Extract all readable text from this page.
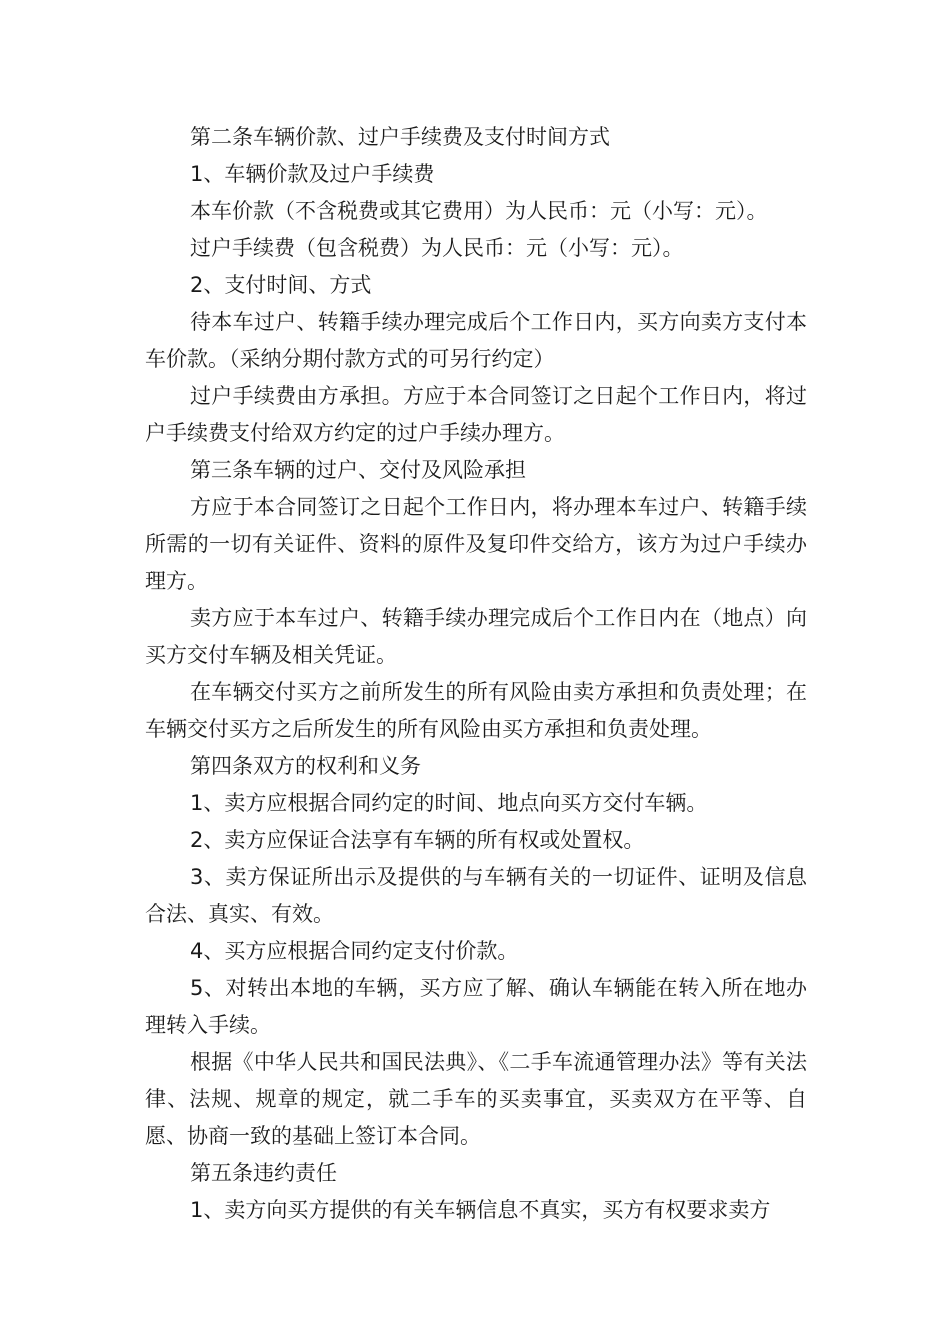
第二条车辆价款、过户手续费及支付时间方式

1、车辆价款及过户手续费

本车价款（不含税费或其它费用）为人民币：元（小写：元）。

过户手续费（包含税费）为人民币：元（小写：元）。

2、支付时间、方式

待本车过户、转籍手续办理完成后个工作日内，买方向卖方支付本车价款。（采纳分期付款方式的可另行约定）

过户手续费由方承担。方应于本合同签订之日起个工作日内，将过户手续费支付给双方约定的过户手续办理方。

第三条车辆的过户、交付及风险承担

方应于本合同签订之日起个工作日内，将办理本车过户、转籍手续所需的一切有关证件、资料的原件及复印件交给方，该方为过户手续办理方。

卖方应于本车过户、转籍手续办理完成后个工作日内在（地点）向买方交付车辆及相关凭证。

在车辆交付买方之前所发生的所有风险由卖方承担和负责处理；在车辆交付买方之后所发生的所有风险由买方承担和负责处理。

第四条双方的权利和义务

1、卖方应根据合同约定的时间、地点向买方交付车辆。

2、卖方应保证合法享有车辆的所有权或处置权。

3、卖方保证所出示及提供的与车辆有关的一切证件、证明及信息合法、真实、有效。

4、买方应根据合同约定支付价款。

5、对转出本地的车辆，买方应了解、确认车辆能在转入所在地办理转入手续。

根据《中华人民共和国民法典》、《二手车流通管理办法》等有关法律、法规、规章的规定，就二手车的买卖事宜，买卖双方在平等、自愿、协商一致的基础上签订本合同。

第五条违约责任

1、卖方向买方提供的有关车辆信息不真实，买方有权要求卖方
